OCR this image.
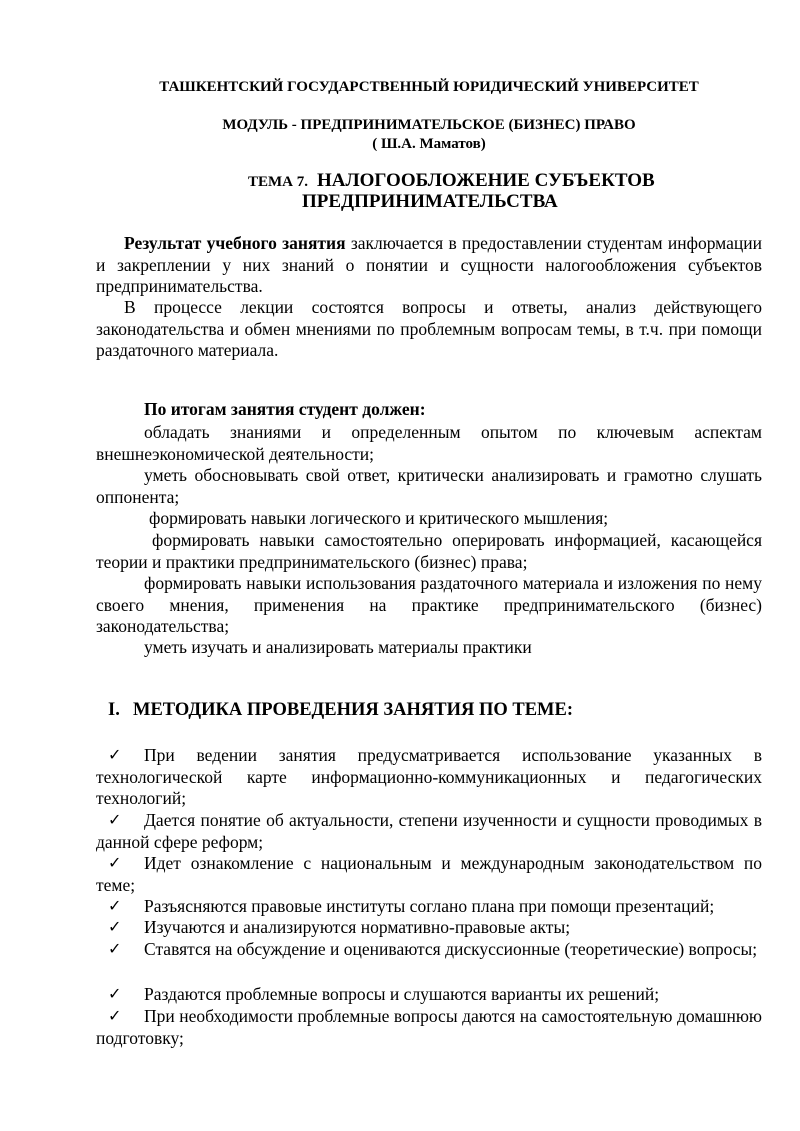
ТАШКЕНТСКИЙ ГОСУДАРСТВЕННЫЙ ЮРИДИЧЕСКИЙ УНИВЕРСИТЕТ
МОДУЛЬ - ПРЕДПРИНИМАТЕЛЬСКОЕ (БИЗНЕС) ПРАВО
( Ш.А. Маматов)
ТЕМА 7. НАЛОГООБЛОЖЕНИЕ СУБЪЕКТОВ
ПРЕДПРИНИМАТЕЛЬСТВА

Результат учебного занятия заключается в предоставлении студентам информации и закреплении у них знаний о понятии и сущности налогообложения субъектов предпринимательства.

В процессе лекции состоятся вопросы и ответы, анализ действующего законодательства и обмен мнениями по проблемным вопросам темы, в т.ч. при помощи раздаточного материала.

По итогам занятия студент должен:

обладать знаниями и определенным опытом по ключевым аспектам внешнеэкономической деятельности;

уметь обосновывать свой ответ, критически анализировать и грамотно слушать оппонента;

формировать навыки логического и критического мышления;

формировать навыки самостоятельно оперировать информацией, касающейся теории и практики предпринимательского (бизнес) права;

формировать навыки использования раздаточного материала и изложения по нему своего мнения, применения на практике предпринимательского (бизнес) законодательства;

уметь изучать и анализировать материалы практики

I. МЕТОДИКА ПРОВЕДЕНИЯ ЗАНЯТИЯ ПО ТЕМЕ:
✓	При ведении занятия предусматривается использование указанных в технологической карте информационно-коммуникационных и педагогических технологий;

✓	Дается понятие об актуальности, степени изученности и сущности проводимых в данной сфере реформ;

✓	Идет ознакомление с национальным и международным законодательством по теме;

✓	Разъясняются правовые институты соглано плана при помощи презентаций;

✓	Изучаются и анализируются нормативно-правовые акты;

✓	Ставятся на обсуждение и оцениваются дискуссионные (теоретические) вопросы;

✓	Раздаются проблемные вопросы и слушаются варианты их решений;

✓	При необходимости проблемные вопросы даются на самостоятельную домашнюю подготовку;
